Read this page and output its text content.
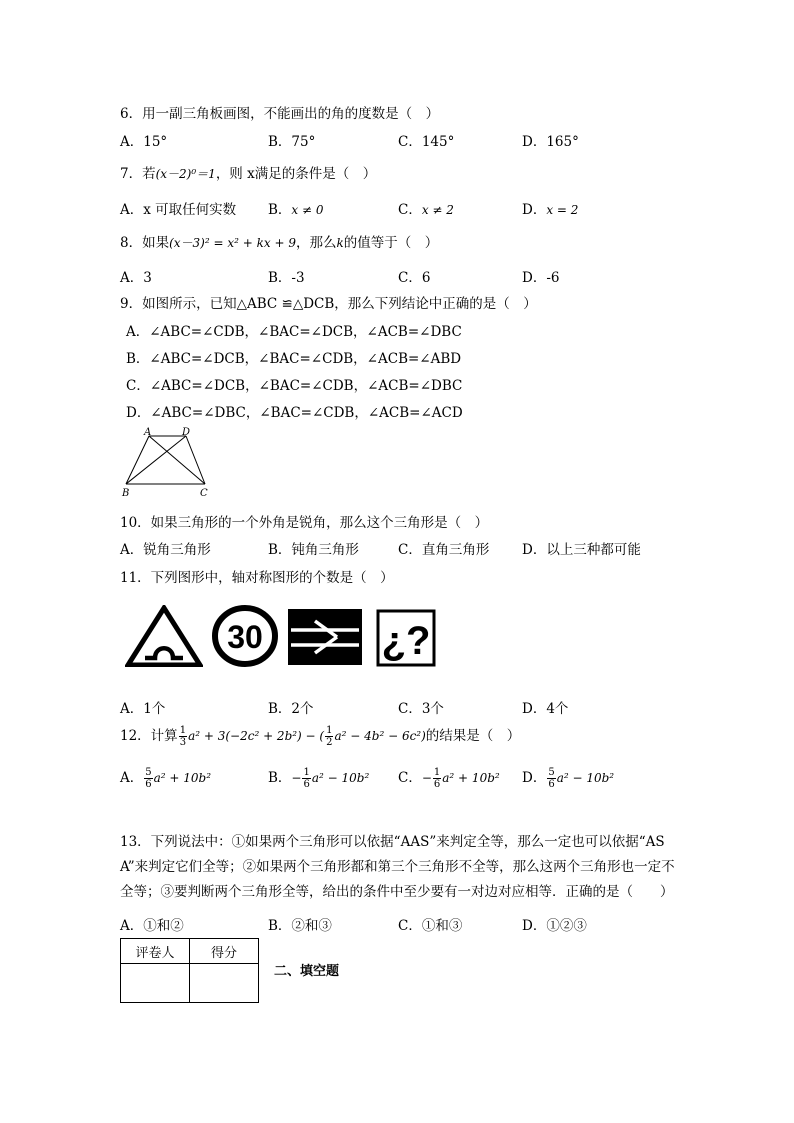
6．用一副三角板画图，不能画出的角的度数是（　）
A．15°	B．75°	C．145°	D．165°
7．若(x－2)⁰＝1，则 x满足的条件是（　）
A．x 可取任何实数 B．x ≠ 0	C．x ≠ 2	D．x = 2
8．如果(x－3)² = x² + kx + 9，那么k的值等于（　）
A．3	B．-3	C．6	D．-6
9．如图所示，已知△ABC ≌△DCB，那么下列结论中正确的是（　）
A．∠ABC=∠CDB，∠BAC=∠DCB，∠ACB=∠DBC
B．∠ABC=∠DCB，∠BAC=∠CDB，∠ACB=∠ABD
C．∠ABC=∠DCB，∠BAC=∠CDB，∠ACB=∠DBC
D．∠ABC=∠DBC，∠BAC=∠CDB，∠ACB=∠ACD
A	D
B	C
10．如果三角形的一个外角是锐角，那么这个三角形是（　）
A．锐角三角形	B．钝角三角形	C．直角三角形 D．以上三种都可能
11．下列图形中，轴对称图形的个数是（　）
30	¿?
A．1个	B．2个	C．3个	D．4个
12．计算 $\frac{1}{3} a^2 + 3(-2c^2 + 2b^2)$ − ( $\frac{1}{2} a^2 - 4b^2 - 6c^2$)的结果是（　）
A． $\frac{5}{6} a^2 + 10b^2$	B．− $\frac{1}{6} a^2 - 10b^2$ C．− $\frac{1}{6} a^2 + 10b^2$ D． $\frac{5}{6} a^2 - 10b^2$
13．下列说法中：①如果两个三角形可以依据“AAS”来判定全等，那么一定也可以依据“ASA”来判定它们全等；②如果两个三角形都和第三个三角形不全等，那么这两个三角形也一定不全等；③要判断两个三角形全等，给出的条件中至少要有一对边对应相等．正确的是（　　）
A．①和②	B．②和③	C．①和③	D．①②③
评卷人	得分

二、填空题
